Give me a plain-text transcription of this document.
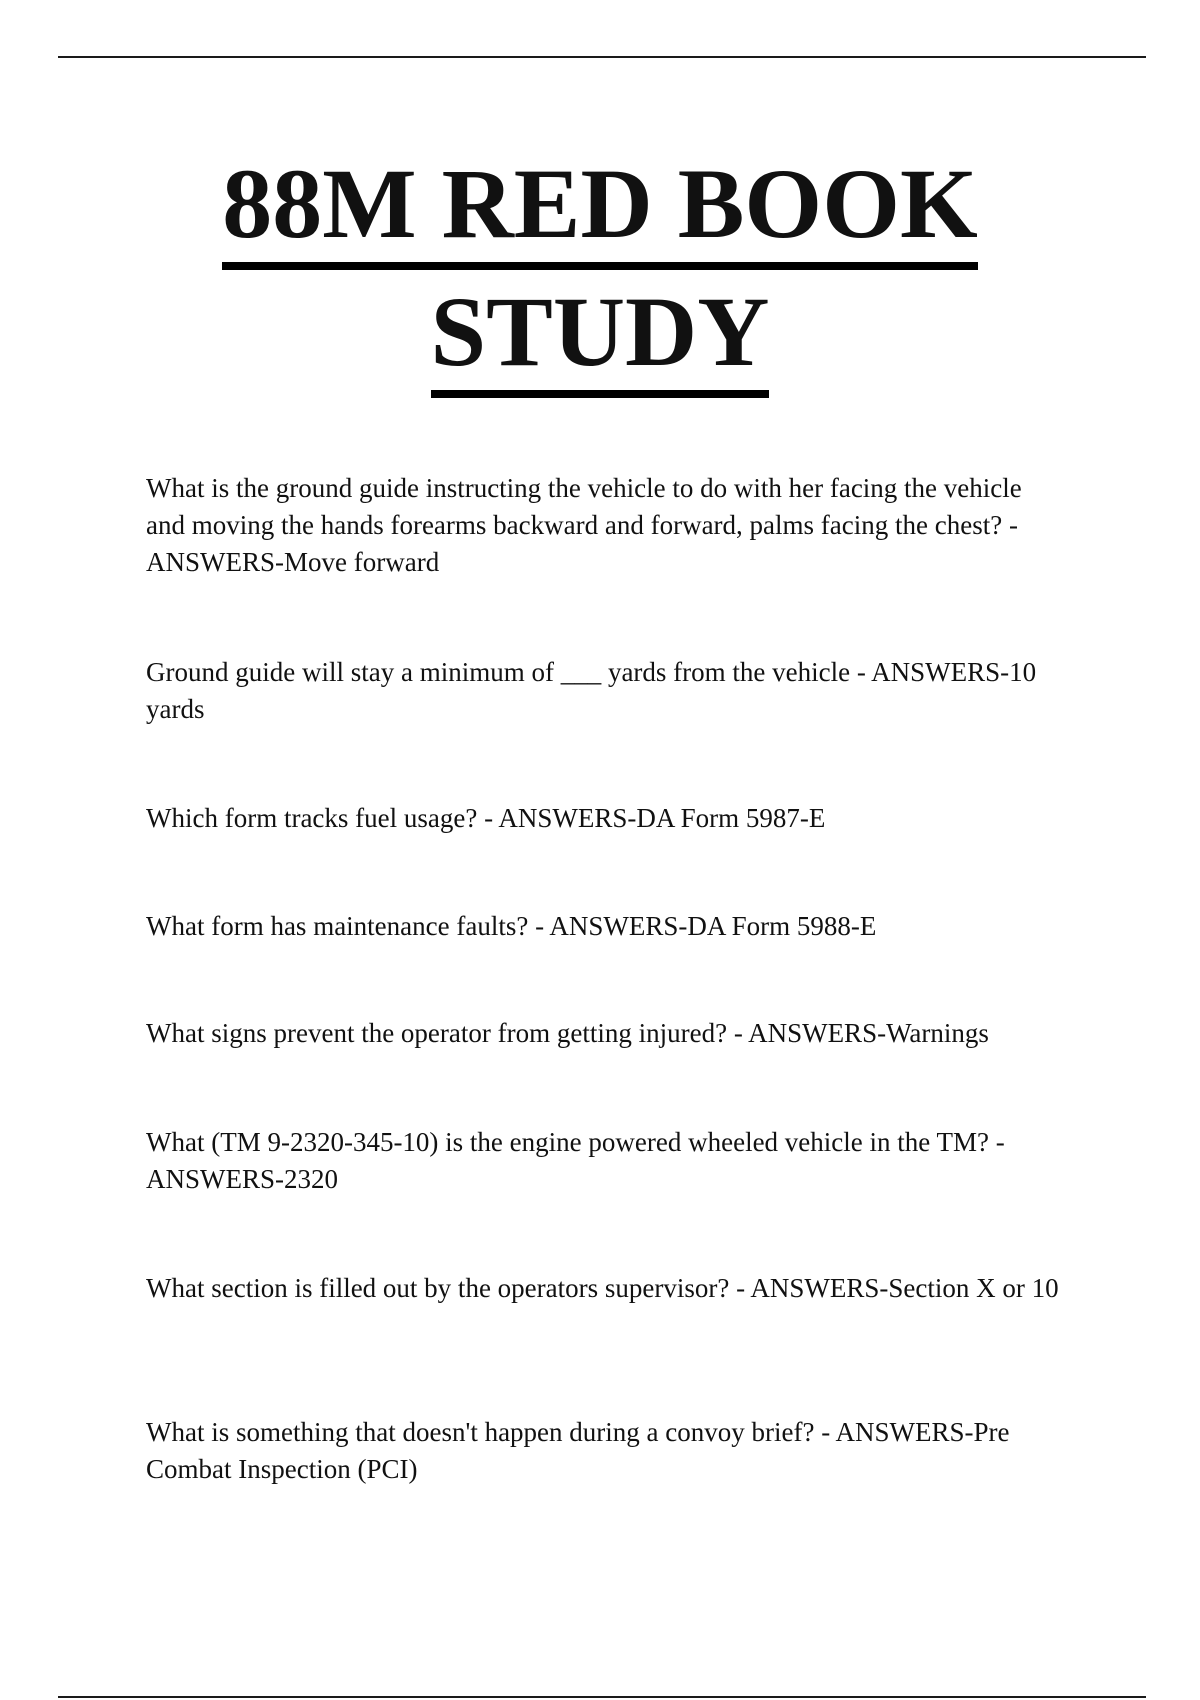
88M RED BOOK
STUDY
What is the ground guide instructing the vehicle to do with her facing the vehicle and moving the hands forearms backward and forward, palms facing the chest? - ANSWERS-Move forward
Ground guide will stay a minimum of ___ yards from the vehicle - ANSWERS-10 yards
Which form tracks fuel usage? - ANSWERS-DA Form 5987-E
What form has maintenance faults? - ANSWERS-DA Form 5988-E
What signs prevent the operator from getting injured? - ANSWERS-Warnings
What (TM 9-2320-345-10) is the engine powered wheeled vehicle in the TM? - ANSWERS-2320
What section is filled out by the operators supervisor? - ANSWERS-Section X or 10
What is something that doesn't happen during a convoy brief? - ANSWERS-Pre Combat Inspection (PCI)
